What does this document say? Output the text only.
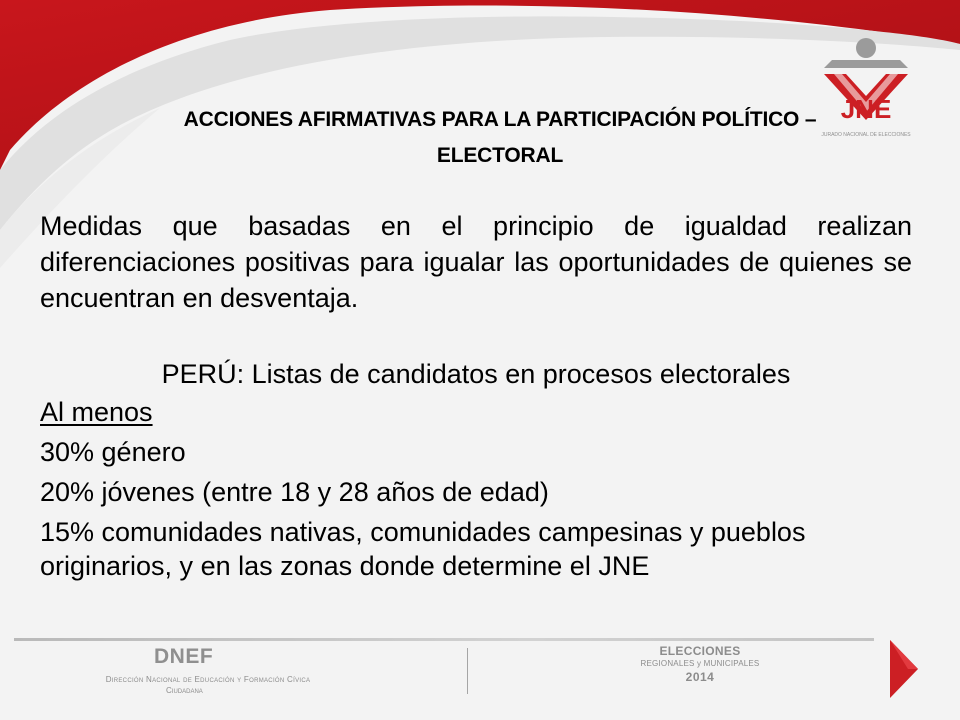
JNE
JURADO NACIONAL DE ELECCIONES
ACCIONES AFIRMATIVAS PARA LA PARTICIPACIÓN POLÍTICO –
ELECTORAL

Medidas que basadas en el principio de igualdad realizan diferenciaciones positivas para igualar las oportunidades de quienes se encuentran en desventaja.

PERÚ: Listas de candidatos en procesos electorales

Al menos

30% género

20% jóvenes (entre 18 y 28 años de edad)

15% comunidades nativas, comunidades campesinas y pueblos originarios, y en las zonas donde determine el JNE

DNEF
Dirección Nacional de Educación y Formación Cívica
Ciudadana
ELECCIONES
REGIONALES y MUNICIPALES
2014
